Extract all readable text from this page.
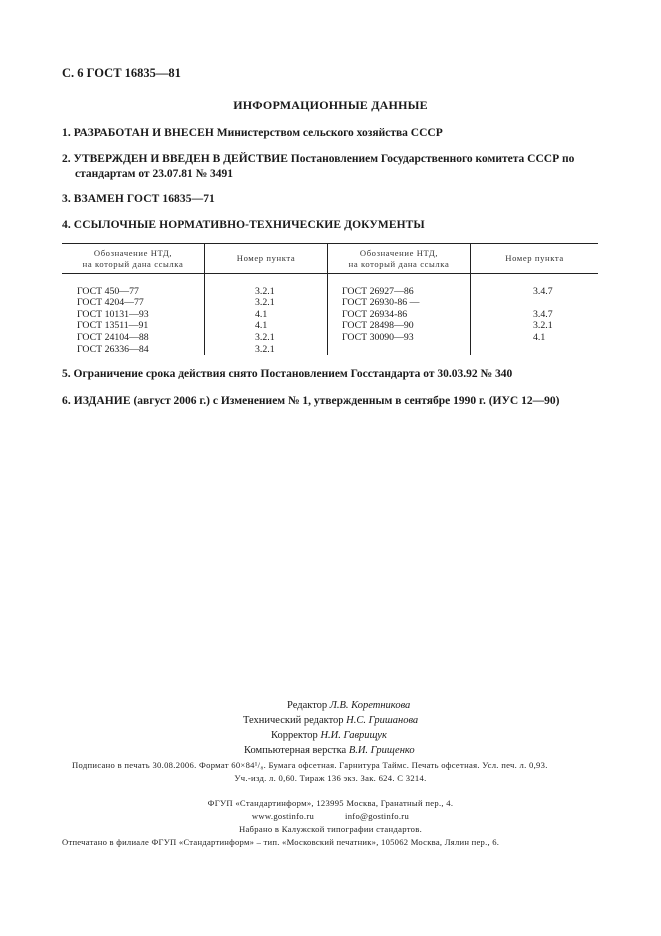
С. 6 ГОСТ 16835—81
ИНФОРМАЦИОННЫЕ ДАННЫЕ
1. РАЗРАБОТАН И ВНЕСЕН Министерством сельского хозяйства СССР
2. УТВЕРЖДЕН И ВВЕДЕН В ДЕЙСТВИЕ Постановлением Государственного комитета СССР по
стандартам от 23.07.81 № 3491
3. ВЗАМЕН ГОСТ 16835—71
4. ССЫЛОЧНЫЕ НОРМАТИВНО-ТЕХНИЧЕСКИЕ ДОКУМЕНТЫ
Обозначение НТД,
на который дана ссылка	Номер пункта	Обозначение НТД,
на который дана ссылка	Номер пункта

ГОСТ 450—77	3.2.1	ГОСТ 26927—86	3.4.7
ГОСТ 4204—77	3.2.1	ГОСТ 26930-86 —	
ГОСТ 10131—93	4.1	ГОСТ 26934-86	3.4.7
ГОСТ 13511—91	4.1	ГОСТ 28498—90	3.2.1
ГОСТ 24104—88	3.2.1	ГОСТ 30090—93	4.1
ГОСТ 26336—84	3.2.1		
5. Ограничение срока действия снято Постановлением Госстандарта от 30.03.92 № 340
6. ИЗДАНИЕ (август 2006 г.) с Изменением № 1, утвержденным в сентябре 1990 г. (ИУС 12—90)
Редактор Л.В. Коретникова
Технический редактор Н.С. Гришанова
Корректор Н.И. Гаврищук
Компьютерная верстка В.И. Грищенко
Подписано в печать 30.08.2006. Формат 60×84¹/₈. Бумага офсетная. Гарнитура Таймс. Печать офсетная. Усл. печ. л. 0,93.
Уч.-изд. л. 0,60. Тираж 136 экз. Зак. 624. С 3214.
ФГУП «Стандартинформ», 123995 Москва, Гранатный пер., 4.
www.gostinfo.ru	info@gostinfo.ru
Набрано в Калужской типографии стандартов.
Отпечатано в филиале ФГУП «Стандартинформ» – тип. «Московский печатник», 105062 Москва, Лялин пер., 6.
